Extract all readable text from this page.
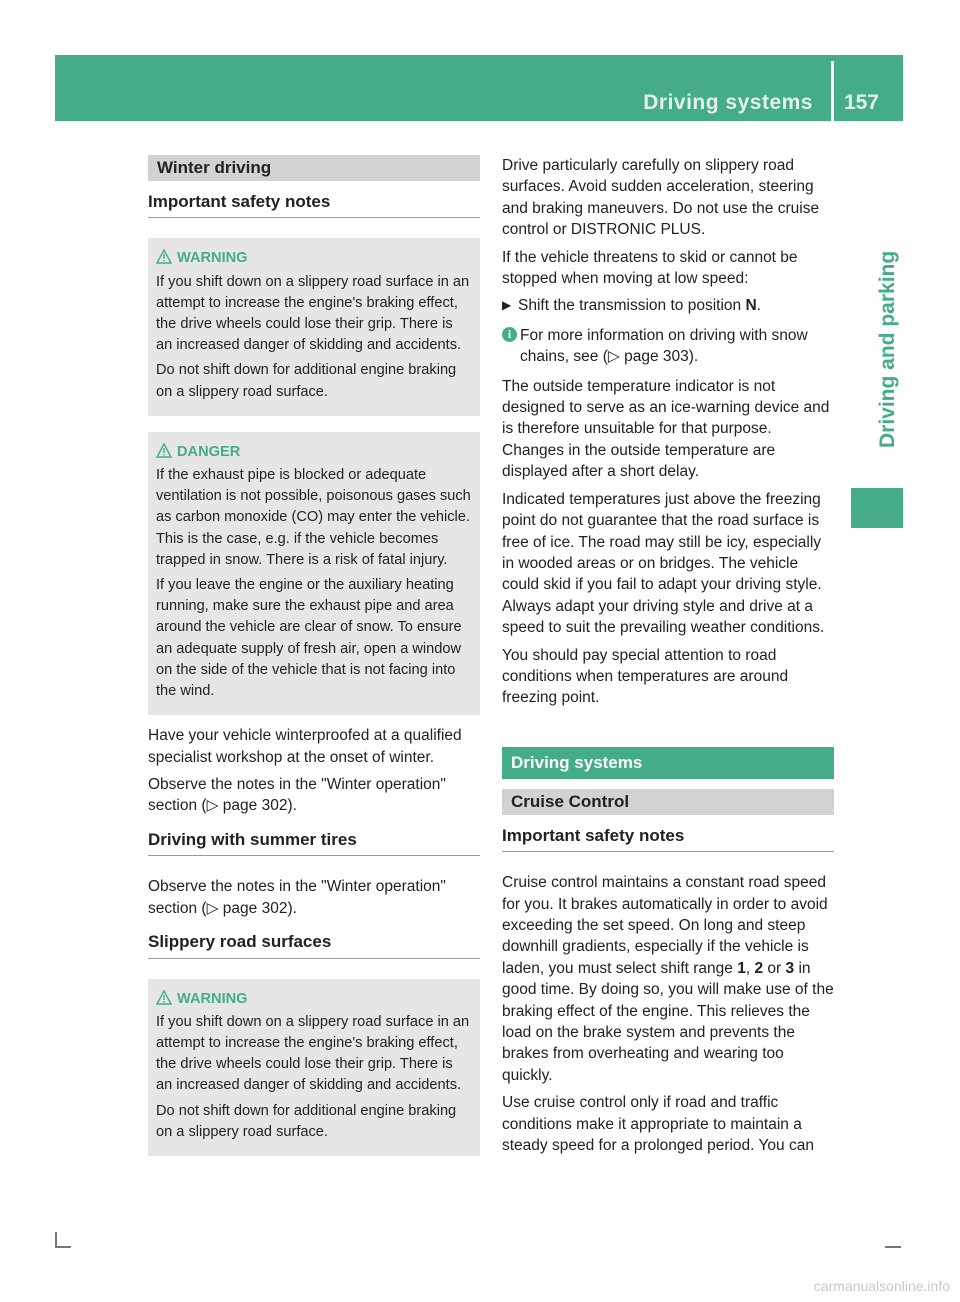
Driving systems 157
Driving and parking
Winter driving
Important safety notes
WARNING

If you shift down on a slippery road surface in an attempt to increase the engine's braking effect, the drive wheels could lose their grip. There is an increased danger of skidding and accidents.

Do not shift down for additional engine braking on a slippery road surface.

DANGER

If the exhaust pipe is blocked or adequate ventilation is not possible, poisonous gases such as carbon monoxide (CO) may enter the vehicle. This is the case, e.g. if the vehicle becomes trapped in snow. There is a risk of fatal injury.

If you leave the engine or the auxiliary heating running, make sure the exhaust pipe and area around the vehicle are clear of snow. To ensure an adequate supply of fresh air, open a window on the side of the vehicle that is not facing into the wind.

Have your vehicle winterproofed at a qualified specialist workshop at the onset of winter.

Observe the notes in the "Winter operation" section (▷ page 302).

Driving with summer tires

Observe the notes in the "Winter operation" section (▷ page 302).

Slippery road surfaces
WARNING

If you shift down on a slippery road surface in an attempt to increase the engine's braking effect, the drive wheels could lose their grip. There is an increased danger of skidding and accidents.

Do not shift down for additional engine braking on a slippery road surface.

Drive particularly carefully on slippery road surfaces. Avoid sudden acceleration, steering and braking maneuvers. Do not use the cruise control or DISTRONIC PLUS.

If the vehicle threatens to skid or cannot be stopped when moving at low speed:

▶ Shift the transmission to position N.
i For more information on driving with snow chains, see (▷ page 303).

The outside temperature indicator is not designed to serve as an ice-warning device and is therefore unsuitable for that purpose. Changes in the outside temperature are displayed after a short delay.

Indicated temperatures just above the freezing point do not guarantee that the road surface is free of ice. The road may still be icy, especially in wooded areas or on bridges. The vehicle could skid if you fail to adapt your driving style. Always adapt your driving style and drive at a speed to suit the prevailing weather conditions.

You should pay special attention to road conditions when temperatures are around freezing point.

Driving systems
Cruise Control
Important safety notes

Cruise control maintains a constant road speed for you. It brakes automatically in order to avoid exceeding the set speed. On long and steep downhill gradients, especially if the vehicle is laden, you must select shift range 1, 2 or 3 in good time. By doing so, you will make use of the braking effect of the engine. This relieves the load on the brake system and prevents the brakes from overheating and wearing too quickly.

Use cruise control only if road and traffic conditions make it appropriate to maintain a steady speed for a prolonged period. You can

carmanualsonline.info
